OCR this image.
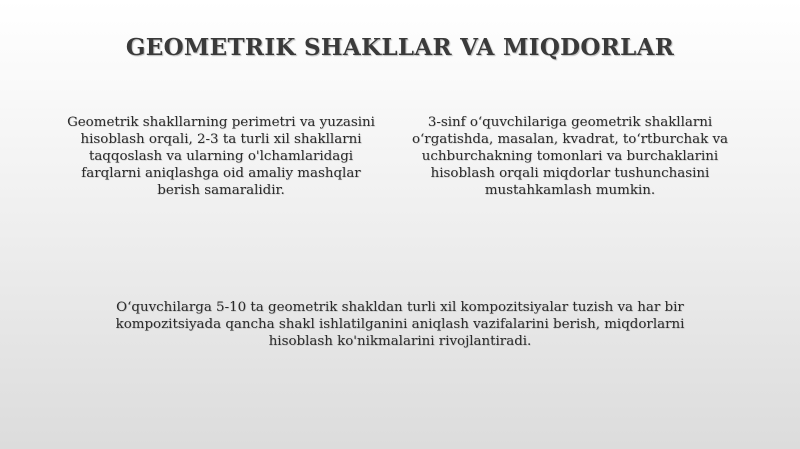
GEOMETRIK SHAKLLAR VA MIQDORLAR

Geometrik shakllarning perimetri va yuzasini hisoblash orqali, 2-3 ta turli xil shakllarni taqqoslash va ularning o'lchamlaridagi farqlarni aniqlashga oid amaliy mashqlar berish samaralidir.

3-sinf o‘quvchilariga geometrik shakllarni o‘rgatishda, masalan, kvadrat, to‘rtburchak va uchburchakning tomonlari va burchaklarini hisoblash orqali miqdorlar tushunchasini mustahkamlash mumkin.

O‘quvchilarga 5-10 ta geometrik shakldan turli xil kompozitsiyalar tuzish va har bir kompozitsiyada qancha shakl ishlatilganini aniqlash vazifalarini berish, miqdorlarni hisoblash ko'nikmalarini rivojlantiradi.
